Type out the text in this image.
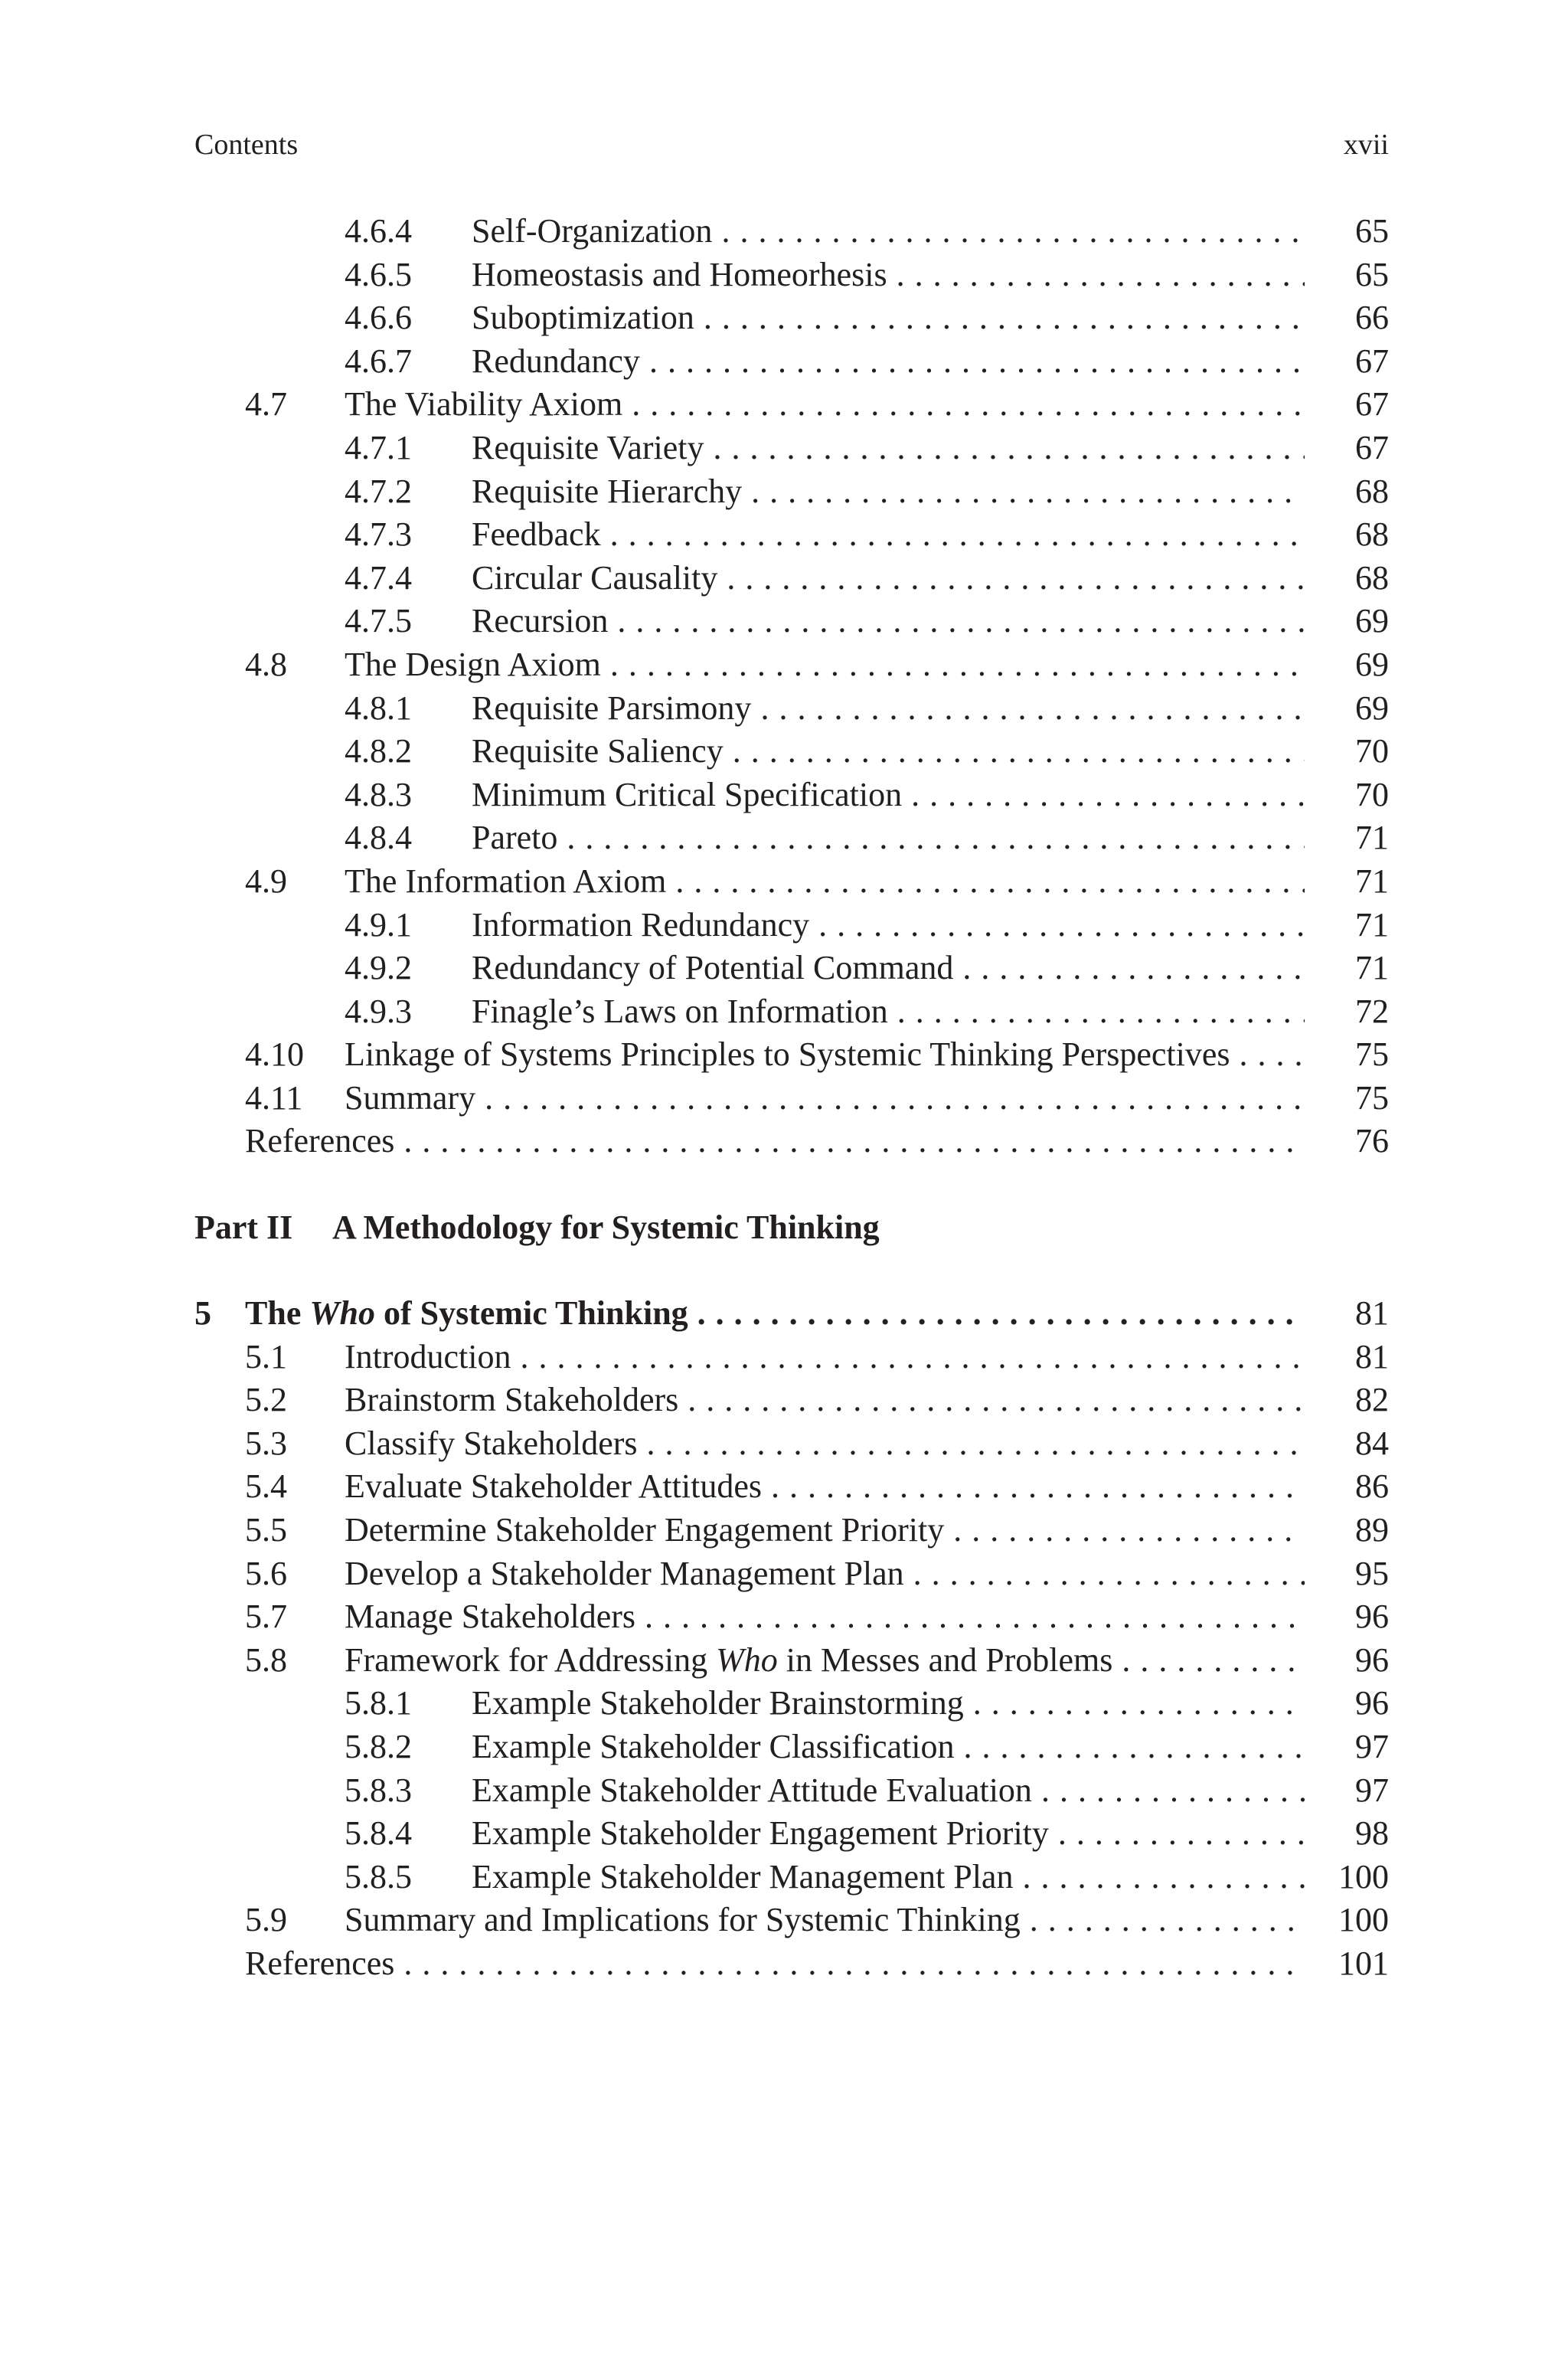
Contents	xvii
4.6.4 Self-Organization . . .	65
4.6.5 Homeostasis and Homeorhesis . . .	65
4.6.6 Suboptimization . . .	66
4.6.7 Redundancy . . .	67
4.7 The Viability Axiom . . .	67
4.7.1 Requisite Variety . . .	67
4.7.2 Requisite Hierarchy . . .	68
4.7.3 Feedback . . .	68
4.7.4 Circular Causality . . .	68
4.7.5 Recursion . . .	69
4.8 The Design Axiom . . .	69
4.8.1 Requisite Parsimony . . .	69
4.8.2 Requisite Saliency . . .	70
4.8.3 Minimum Critical Specification . . .	70
4.8.4 Pareto . . .	71
4.9 The Information Axiom . . .	71
4.9.1 Information Redundancy . . .	71
4.9.2 Redundancy of Potential Command . . .	71
4.9.3 Finagle’s Laws on Information . . .	72
4.10 Linkage of Systems Principles to Systemic Thinking Perspectives . . .	75
4.11 Summary . . .	75
References . . .	76
Part II A Methodology for Systemic Thinking
5 The Who of Systemic Thinking . . .	81
5.1 Introduction . . .	81
5.2 Brainstorm Stakeholders . . .	82
5.3 Classify Stakeholders . . .	84
5.4 Evaluate Stakeholder Attitudes . . .	86
5.5 Determine Stakeholder Engagement Priority . . .	89
5.6 Develop a Stakeholder Management Plan . . .	95
5.7 Manage Stakeholders . . .	96
5.8 Framework for Addressing Who in Messes and Problems . . .	96
5.8.1 Example Stakeholder Brainstorming . . .	96
5.8.2 Example Stakeholder Classification . . .	97
5.8.3 Example Stakeholder Attitude Evaluation . . .	97
5.8.4 Example Stakeholder Engagement Priority . . .	98
5.8.5 Example Stakeholder Management Plan . . .	100
5.9 Summary and Implications for Systemic Thinking . . .	100
References . . .	101
